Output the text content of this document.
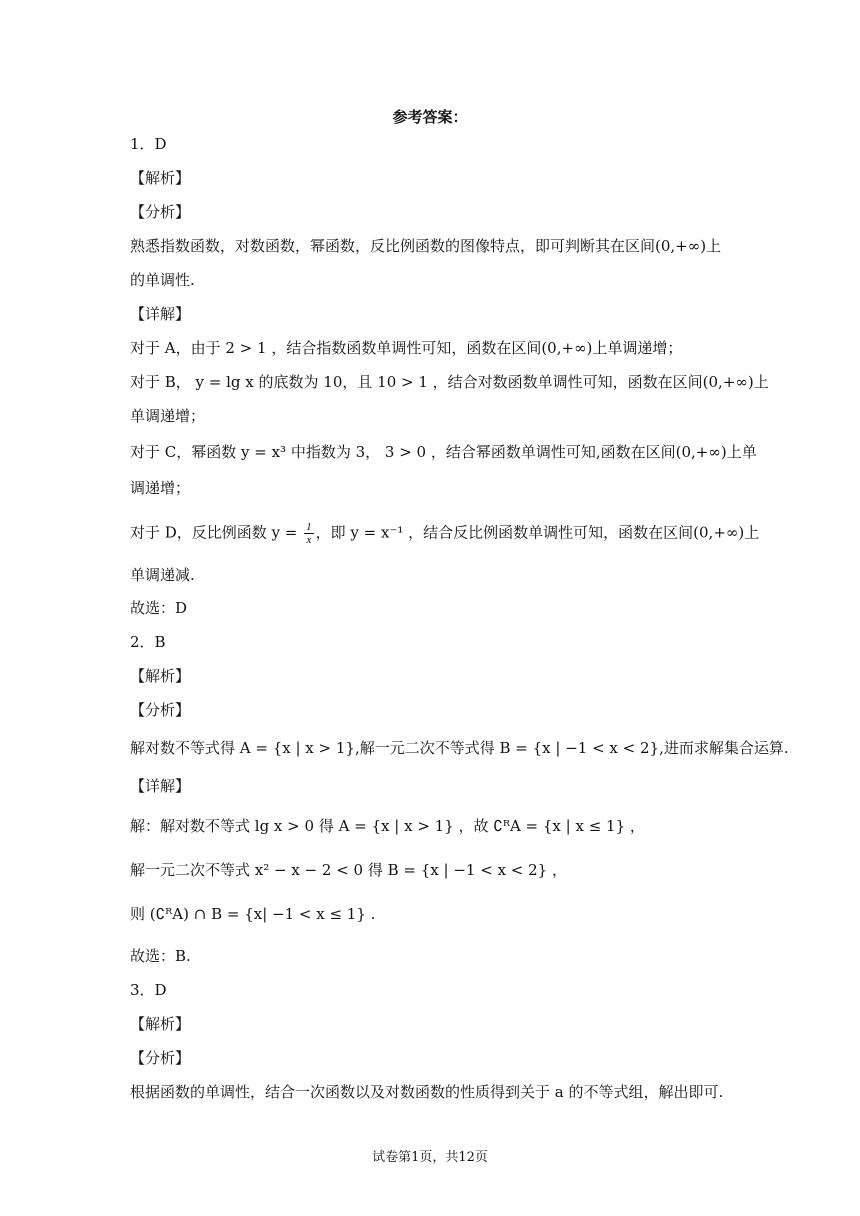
参考答案：
1．D
【解析】
【分析】
熟悉指数函数，对数函数，幂函数，反比例函数的图像特点，即可判断其在区间(0,+∞)上
的单调性.
【详解】
对于 A，由于 2 > 1 ，结合指数函数单调性可知，函数在区间(0,+∞)上单调递增；
对于 B， y = lg x 的底数为 10，且 10 > 1 ，结合对数函数单调性可知，函数在区间(0,+∞)上
单调递增；
对于 C，幂函数 y = x³ 中指数为 3， 3 > 0 ，结合幂函数单调性可知,函数在区间(0,+∞)上单
调递增；
对于 D，反比例函数 $y = \frac{1}{x}$ ，即 y = x⁻¹ ，结合反比例函数单调性可知，函数在区间(0,+∞)上
单调递减.
故选：D
2．B
【解析】
【分析】
解对数不等式得 A = {x | x > 1},解一元二次不等式得 B = {x | −1 < x < 2},进而求解集合运算.
【详解】
解：解对数不等式 lg x > 0 得 A = {x | x > 1} ，故 ∁ᴿA = {x | x ≤ 1} ，
解一元二次不等式 x² − x − 2 < 0 得 B = {x | −1 < x < 2} ，
则 (∁ᴿA) ∩ B = {x| −1 < x ≤ 1} .
故选：B.
3．D
【解析】
【分析】
根据函数的单调性，结合一次函数以及对数函数的性质得到关于 a 的不等式组，解出即可.
试卷第1页，共12页
